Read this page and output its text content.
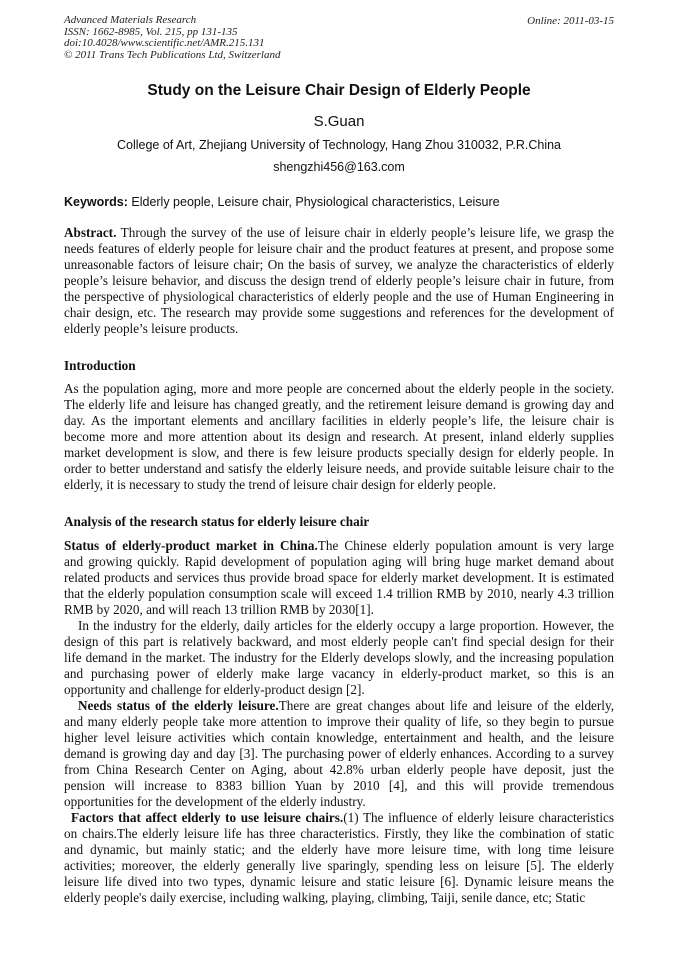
Advanced Materials Research
ISSN: 1662-8985, Vol. 215, pp 131-135
doi:10.4028/www.scientific.net/AMR.215.131
© 2011 Trans Tech Publications Ltd, Switzerland
Online: 2011-03-15
Study on the Leisure Chair Design of Elderly People
S.Guan
College of Art, Zhejiang University of Technology, Hang Zhou 310032, P.R.China
shengzhi456@163.com
Keywords: Elderly people, Leisure chair, Physiological characteristics, Leisure
Abstract. Through the survey of the use of leisure chair in elderly people’s leisure life, we grasp the
needs features of elderly people for leisure chair and the product features at present, and propose some
unreasonable factors of leisure chair; On the basis of survey, we analyze the characteristics of elderly
people’s leisure behavior, and discuss the design trend of elderly people’s leisure chair in future, from
the perspective of physiological characteristics of elderly people and the use of Human Engineering in
chair design, etc. The research may provide some suggestions and references for the development of
elderly people’s leisure products.
Introduction
As the population aging, more and more people are concerned about the elderly people in the society.
The elderly life and leisure has changed greatly, and the retirement leisure demand is growing day and
day. As the important elements and ancillary facilities in elderly people’s life, the leisure chair is
become more and more attention about its design and research. At present, inland elderly supplies
market development is slow, and there is few leisure products specially design for elderly people. In
order to better understand and satisfy the elderly leisure needs, and provide suitable leisure chair to the
elderly, it is necessary to study the trend of leisure chair design for elderly people.
Analysis of the research status for elderly leisure chair
Status of elderly-product market in China.The Chinese elderly population amount is very large
and growing quickly. Rapid development of population aging will bring huge market demand about
related products and services thus provide broad space for elderly market development. It is estimated
that the elderly population consumption scale will exceed 1.4 trillion RMB by 2010, nearly 4.3 trillion
RMB by 2020, and will reach 13 trillion RMB by 2030[1].
In the industry for the elderly, daily articles for the elderly occupy a large proportion. However, the
design of this part is relatively backward, and most elderly people can't find special design for their
life demand in the market. The industry for the Elderly develops slowly, and the increasing population
and purchasing power of elderly make large vacancy in elderly-product market, so this is an
opportunity and challenge for elderly-product design [2].
Needs status of the elderly leisure.There are great changes about life and leisure of the elderly,
and many elderly people take more attention to improve their quality of life, so they begin to pursue
higher level leisure activities which contain knowledge, entertainment and health, and the leisure
demand is growing day and day [3]. The purchasing power of elderly enhances. According to a survey
from China Research Center on Aging, about 42.8% urban elderly people have deposit, just the
pension will increase to 8383 billion Yuan by 2010 [4], and this will provide tremendous
opportunities for the development of the elderly industry.
Factors that affect elderly to use leisure chairs.(1) The influence of elderly leisure characteristics
on chairs.The elderly leisure life has three characteristics. Firstly, they like the combination of static
and dynamic, but mainly static; and the elderly have more leisure time, with long time leisure
activities; moreover, the elderly generally live sparingly, spending less on leisure [5]. The elderly
leisure life dived into two types, dynamic leisure and static leisure [6]. Dynamic leisure means the
elderly people's daily exercise, including walking, playing, climbing, Taiji, senile dance, etc; Static
